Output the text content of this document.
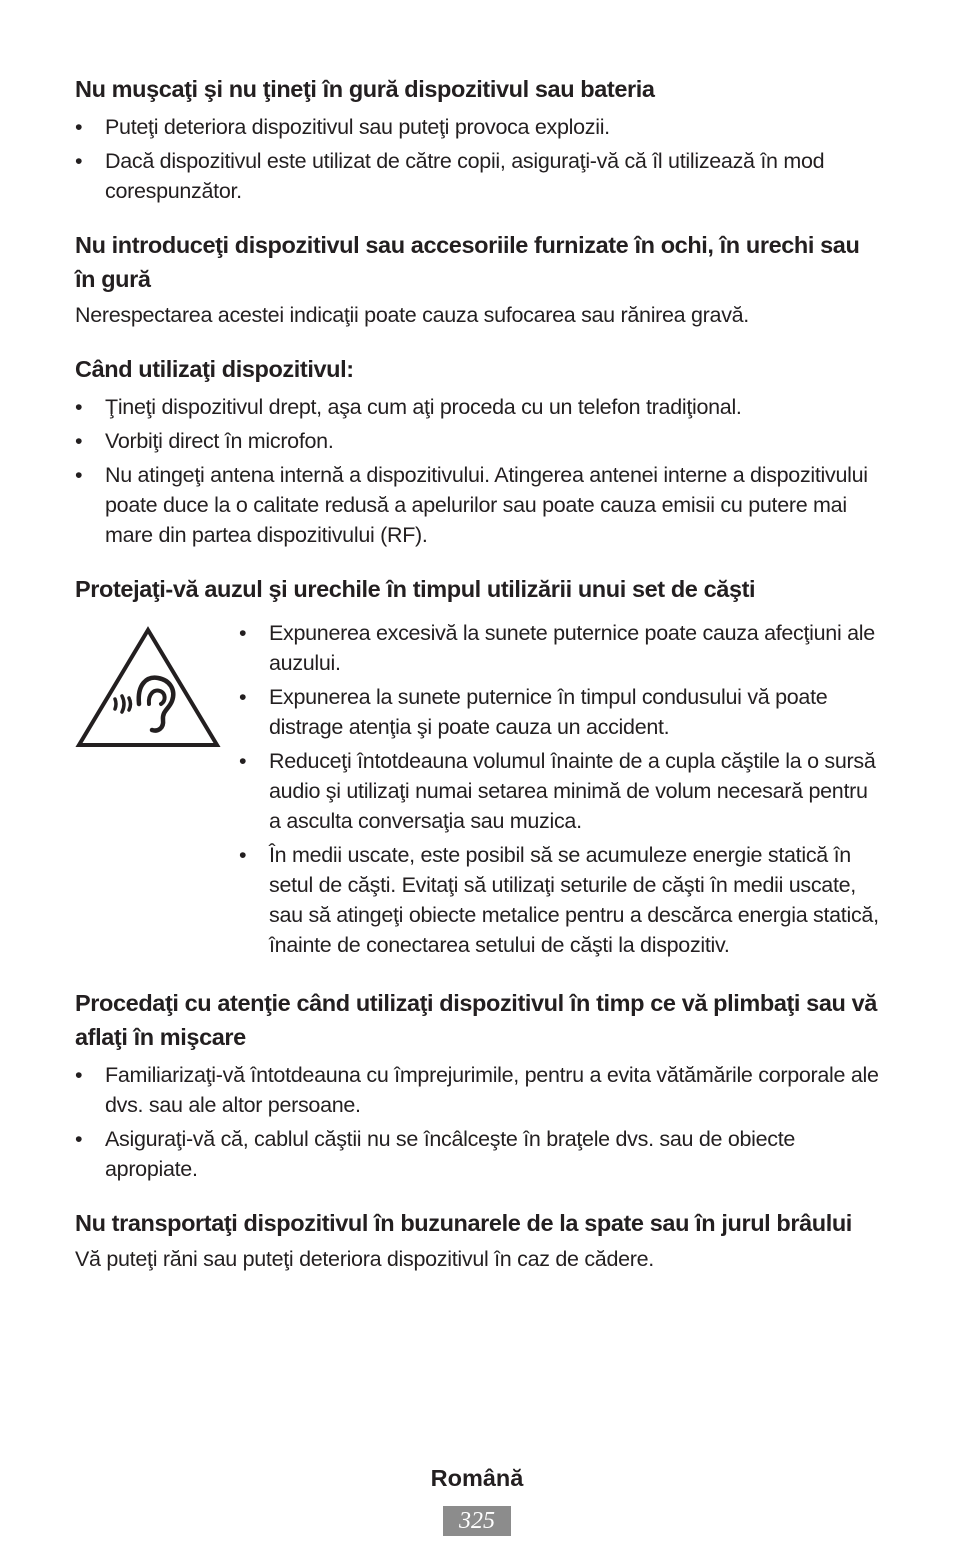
Nu muşcaţi şi nu ţineţi în gură dispozitivul sau bateria
• Puteţi deteriora dispozitivul sau puteţi provoca explozii.
• Dacă dispozitivul este utilizat de către copii, asiguraţi-vă că îl utilizează în mod corespunzător.
Nu introduceţi dispozitivul sau accesoriile furnizate în ochi, în urechi sau în gură

Nerespectarea acestei indicaţii poate cauza sufocarea sau rănirea gravă.

Când utilizaţi dispozitivul:
• Ţineţi dispozitivul drept, aşa cum aţi proceda cu un telefon tradiţional.
• Vorbiţi direct în microfon.
• Nu atingeţi antena internă a dispozitivului. Atingerea antenei interne a dispozitivului poate duce la o calitate redusă a apelurilor sau poate cauza emisii cu putere mai mare din partea dispozitivului (RF).
Protejaţi-vă auzul şi urechile în timpul utilizării unui set de căşti
• Expunerea excesivă la sunete puternice poate cauza afecţiuni ale auzului.
• Expunerea la sunete puternice în timpul condusului vă poate distrage atenţia şi poate cauza un accident.
• Reduceţi întotdeauna volumul înainte de a cupla căştile la o sursă audio şi utilizaţi numai setarea minimă de volum necesară pentru a asculta conversaţia sau muzica.
• În medii uscate, este posibil să se acumuleze energie statică în setul de căşti. Evitaţi să utilizaţi seturile de căşti în medii uscate, sau să atingeţi obiecte metalice pentru a descărca energia statică, înainte de conectarea setului de căşti la dispozitiv.
Procedaţi cu atenţie când utilizaţi dispozitivul în timp ce vă plimbaţi sau vă aflaţi în mişcare
• Familiarizaţi-vă întotdeauna cu împrejurimile, pentru a evita vătămările corporale ale dvs. sau ale altor persoane.
• Asiguraţi-vă că, cablul căştii nu se încâlceşte în braţele dvs. sau de obiecte apropiate.
Nu transportaţi dispozitivul în buzunarele de la spate sau în jurul brâului

Vă puteţi răni sau puteţi deteriora dispozitivul în caz de cădere.

Română
325
